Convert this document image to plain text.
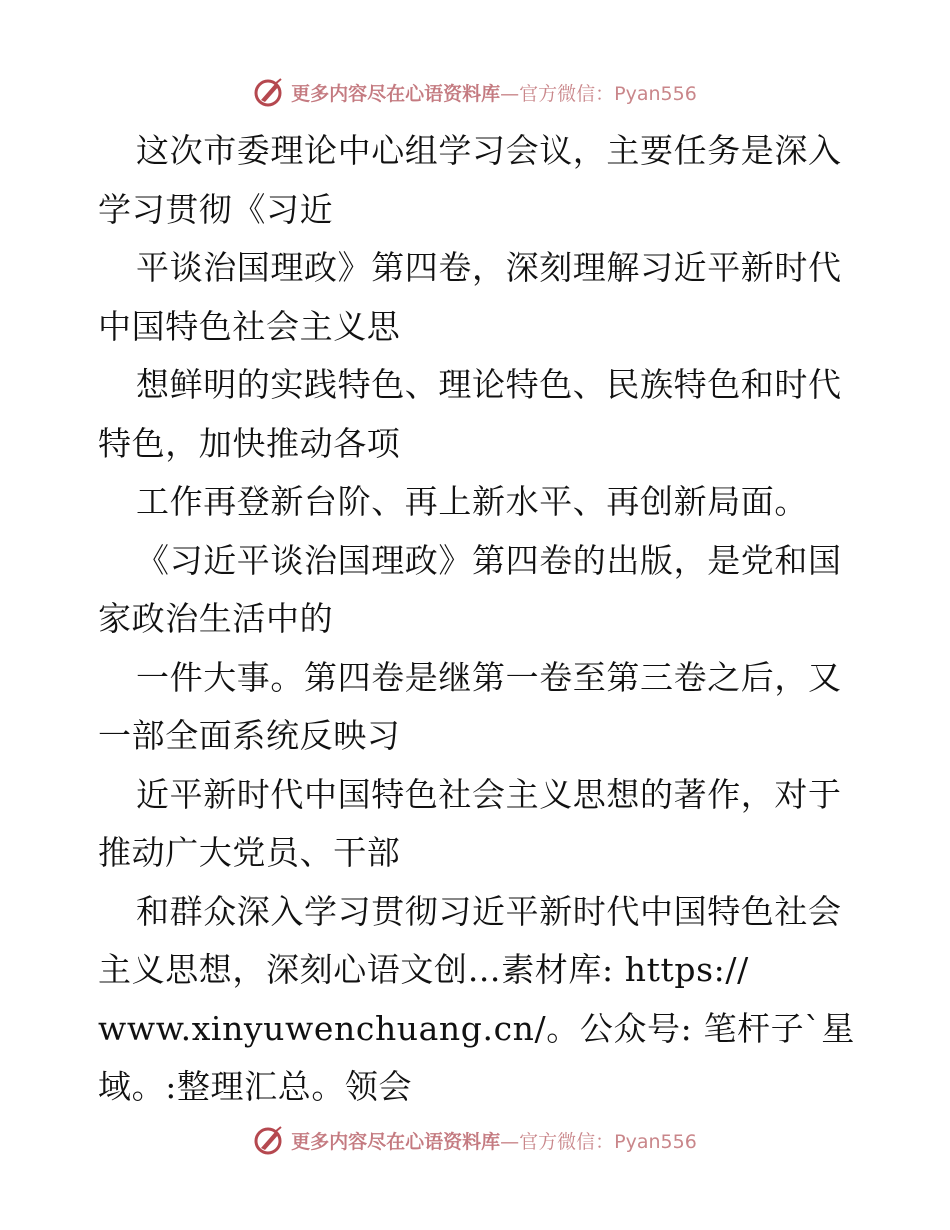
更多内容尽在心语资料库—官方微信：Pyan556
这次市委理论中心组学习会议，主要任务是深入
学习贯彻《习近
平谈治国理政》第四卷，深刻理解习近平新时代
中国特色社会主义思
想鲜明的实践特色、理论特色、民族特色和时代
特色，加快推动各项
工作再登新台阶、再上新水平、再创新局面。
《习近平谈治国理政》第四卷的出版，是党和国
家政治生活中的
一件大事。第四卷是继第一卷至第三卷之后，又
一部全面系统反映习
近平新时代中国特色社会主义思想的著作，对于
推动广大党员、干部
和群众深入学习贯彻习近平新时代中国特色社会
主义思想，深刻心语文创…素材库: https://
www.xinyuwenchuang.cn/。公众号: 笔杆子`星
域。:整理汇总。领会
更多内容尽在心语资料库—官方微信：Pyan556
